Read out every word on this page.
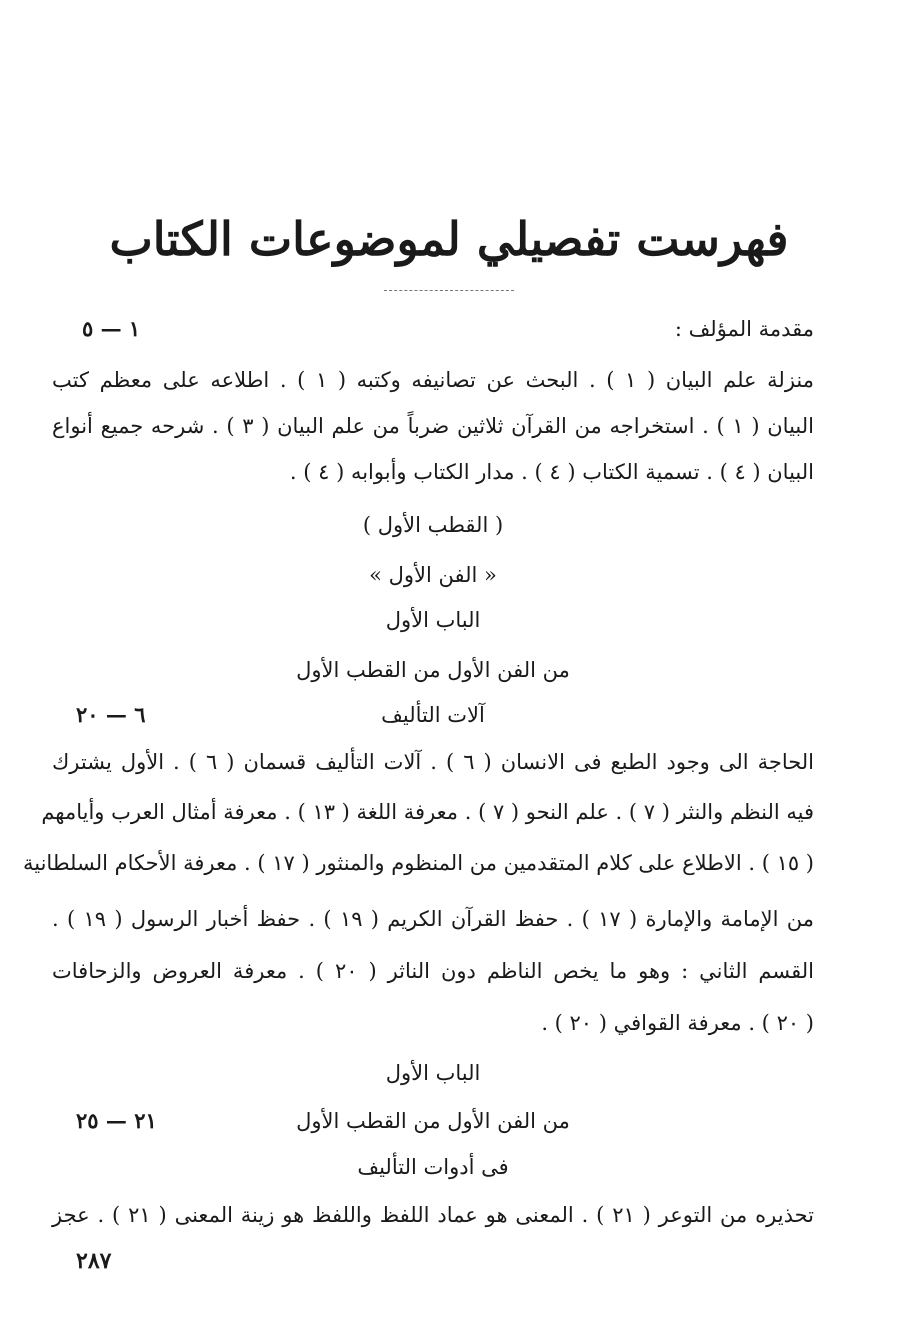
فهرست تفصيلي لموضوعات الكتاب
مقدمة المؤلف :
١ — ٥
منزلة علم البيان ( ١ ) . البحث عن تصانيفه وكتبه ( ١ ) . اطلاعه على معظم كتب
البيان ( ١ ) . استخراجه من القرآن ثلاثين ضرباً من علم البيان ( ٣ ) . شرحه جميع أنواع
البيان ( ٤ ) . تسمية الكتاب ( ٤ ) . مدار الكتاب وأبوابه ( ٤ ) .
( القطب الأول )
« الفن الأول »
الباب الأول
من الفن الأول من القطب الأول
آلات التأليف
٦ — ٢٠
الحاجة الى وجود الطبع فى الانسان ( ٦ ) . آلات التأليف قسمان ( ٦ ) . الأول يشترك
فيه النظم والنثر ( ٧ ) . علم النحو ( ٧ ) . معرفة اللغة ( ١٣ ) . معرفة أمثال العرب وأيامهم
( ١٥ ) . الاطلاع على كلام المتقدمين من المنظوم والمنثور ( ١٧ ) . معرفة الأحكام السلطانية
من الإمامة والإمارة ( ١٧ ) . حفظ القرآن الكريم ( ١٩ ) . حفظ أخبار الرسول ( ١٩ ) .
القسم الثاني : وهو ما يخص الناظم دون الناثر ( ٢٠ ) . معرفة العروض والزحافات
( ٢٠ ) . معرفة القوافي ( ٢٠ ) .
الباب الأول
من الفن الأول من القطب الأول
٢١ — ٢٥
فى أدوات التأليف
تحذيره من التوعر ( ٢١ ) . المعنى هو عماد اللفظ واللفظ هو زينة المعنى ( ٢١ ) . عجز
٢٨٧
